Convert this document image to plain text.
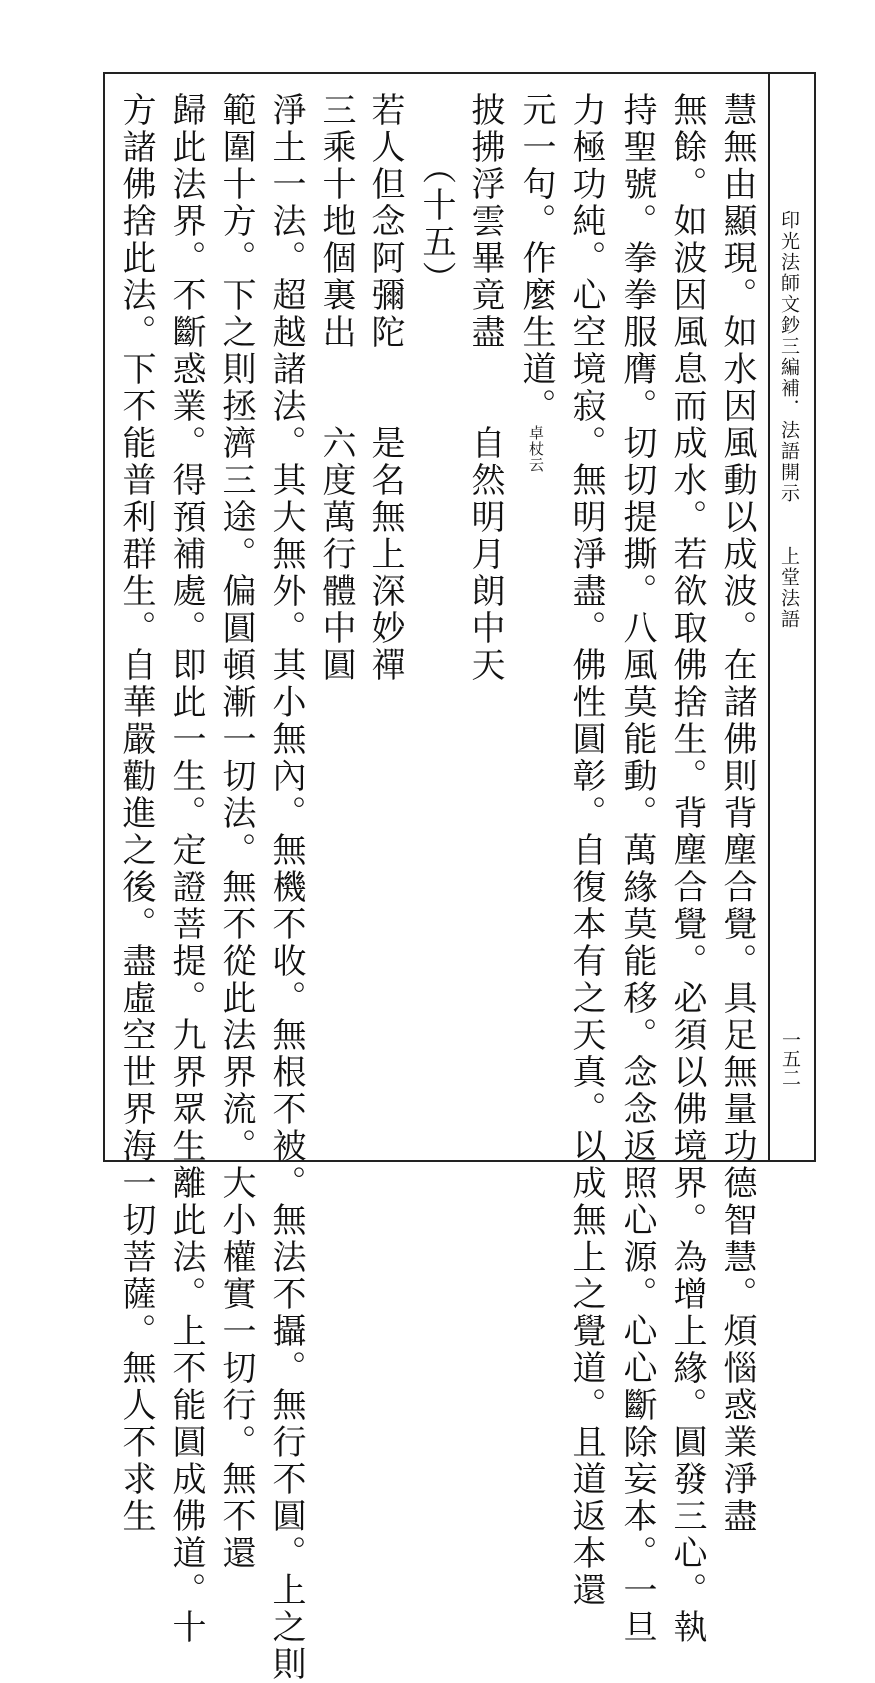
印光法師文鈔三編補．法語開示　　上堂法語
一五二
慧無由顯現。如水因風動以成波。在諸佛則背塵合覺。具足無量功德智慧。煩惱惑業淨盡
無餘。如波因風息而成水。若欲取佛捨生。背塵合覺。必須以佛境界。為增上緣。圓發三心。執
持聖號。拳拳服膺。切切提撕。八風莫能動。萬緣莫能移。念念返照心源。心心斷除妄本。一旦
力極功純。心空境寂。無明淨盡。佛性圓彰。自復本有之天真。以成無上之覺道。且道返本還
元一句。作麼生道。卓杖云
披拂浮雲畢竟盡　　自然明月朗中天
（十五）
若人但念阿彌陀　　是名無上深妙禪
三乘十地個裏出　　六度萬行體中圓
淨土一法。超越諸法。其大無外。其小無內。無機不收。無根不被。無法不攝。無行不圓。上之則
範圍十方。下之則拯濟三途。偏圓頓漸一切法。無不從此法界流。大小權實一切行。無不還
歸此法界。不斷惑業。得預補處。即此一生。定證菩提。九界眾生離此法。上不能圓成佛道。十
方諸佛捨此法。下不能普利群生。自華嚴勸進之後。盡虛空世界海一切菩薩。無人不求生
